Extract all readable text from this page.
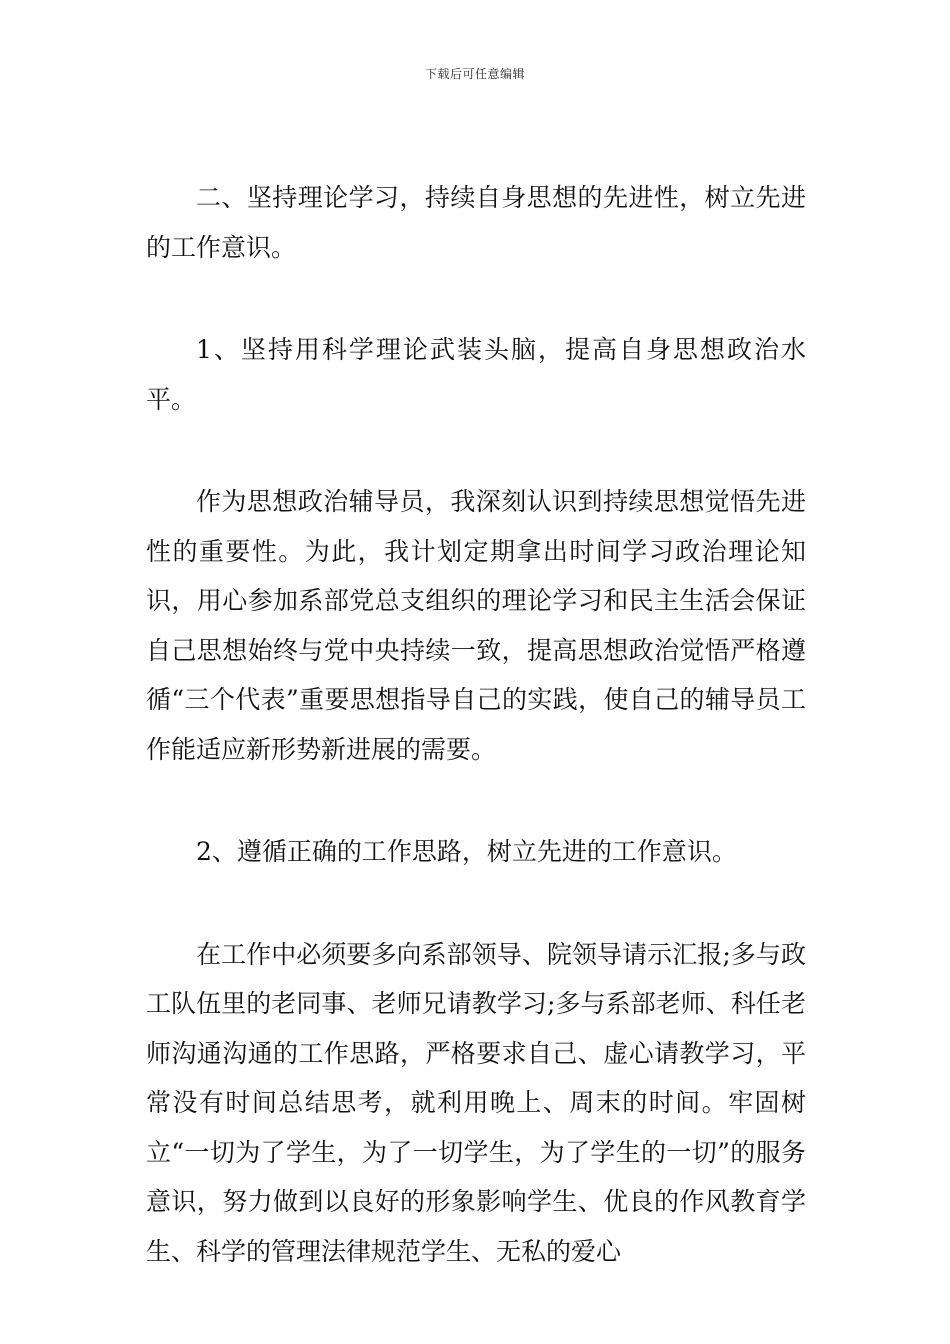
下载后可任意编辑

二、坚持理论学习，持续自身思想的先进性，树立先进的工作意识。

1、坚持用科学理论武装头脑，提高自身思想政治水平。

作为思想政治辅导员，我深刻认识到持续思想觉悟先进性的重要性。为此，我计划定期拿出时间学习政治理论知识，用心参加系部党总支组织的理论学习和民主生活会保证自己思想始终与党中央持续一致，提高思想政治觉悟严格遵循“三个代表”重要思想指导自己的实践，使自己的辅导员工作能适应新形势新进展的需要。

2、遵循正确的工作思路，树立先进的工作意识。

在工作中必须要多向系部领导、院领导请示汇报;多与政工队伍里的老同事、老师兄请教学习;多与系部老师、科任老师沟通沟通的工作思路，严格要求自己、虚心请教学习，平常没有时间总结思考，就利用晚上、周末的时间。牢固树立“一切为了学生，为了一切学生，为了学生的一切”的服务意识，努力做到以良好的形象影响学生、优良的作风教育学生、科学的管理法律规范学生、无私的爱心
